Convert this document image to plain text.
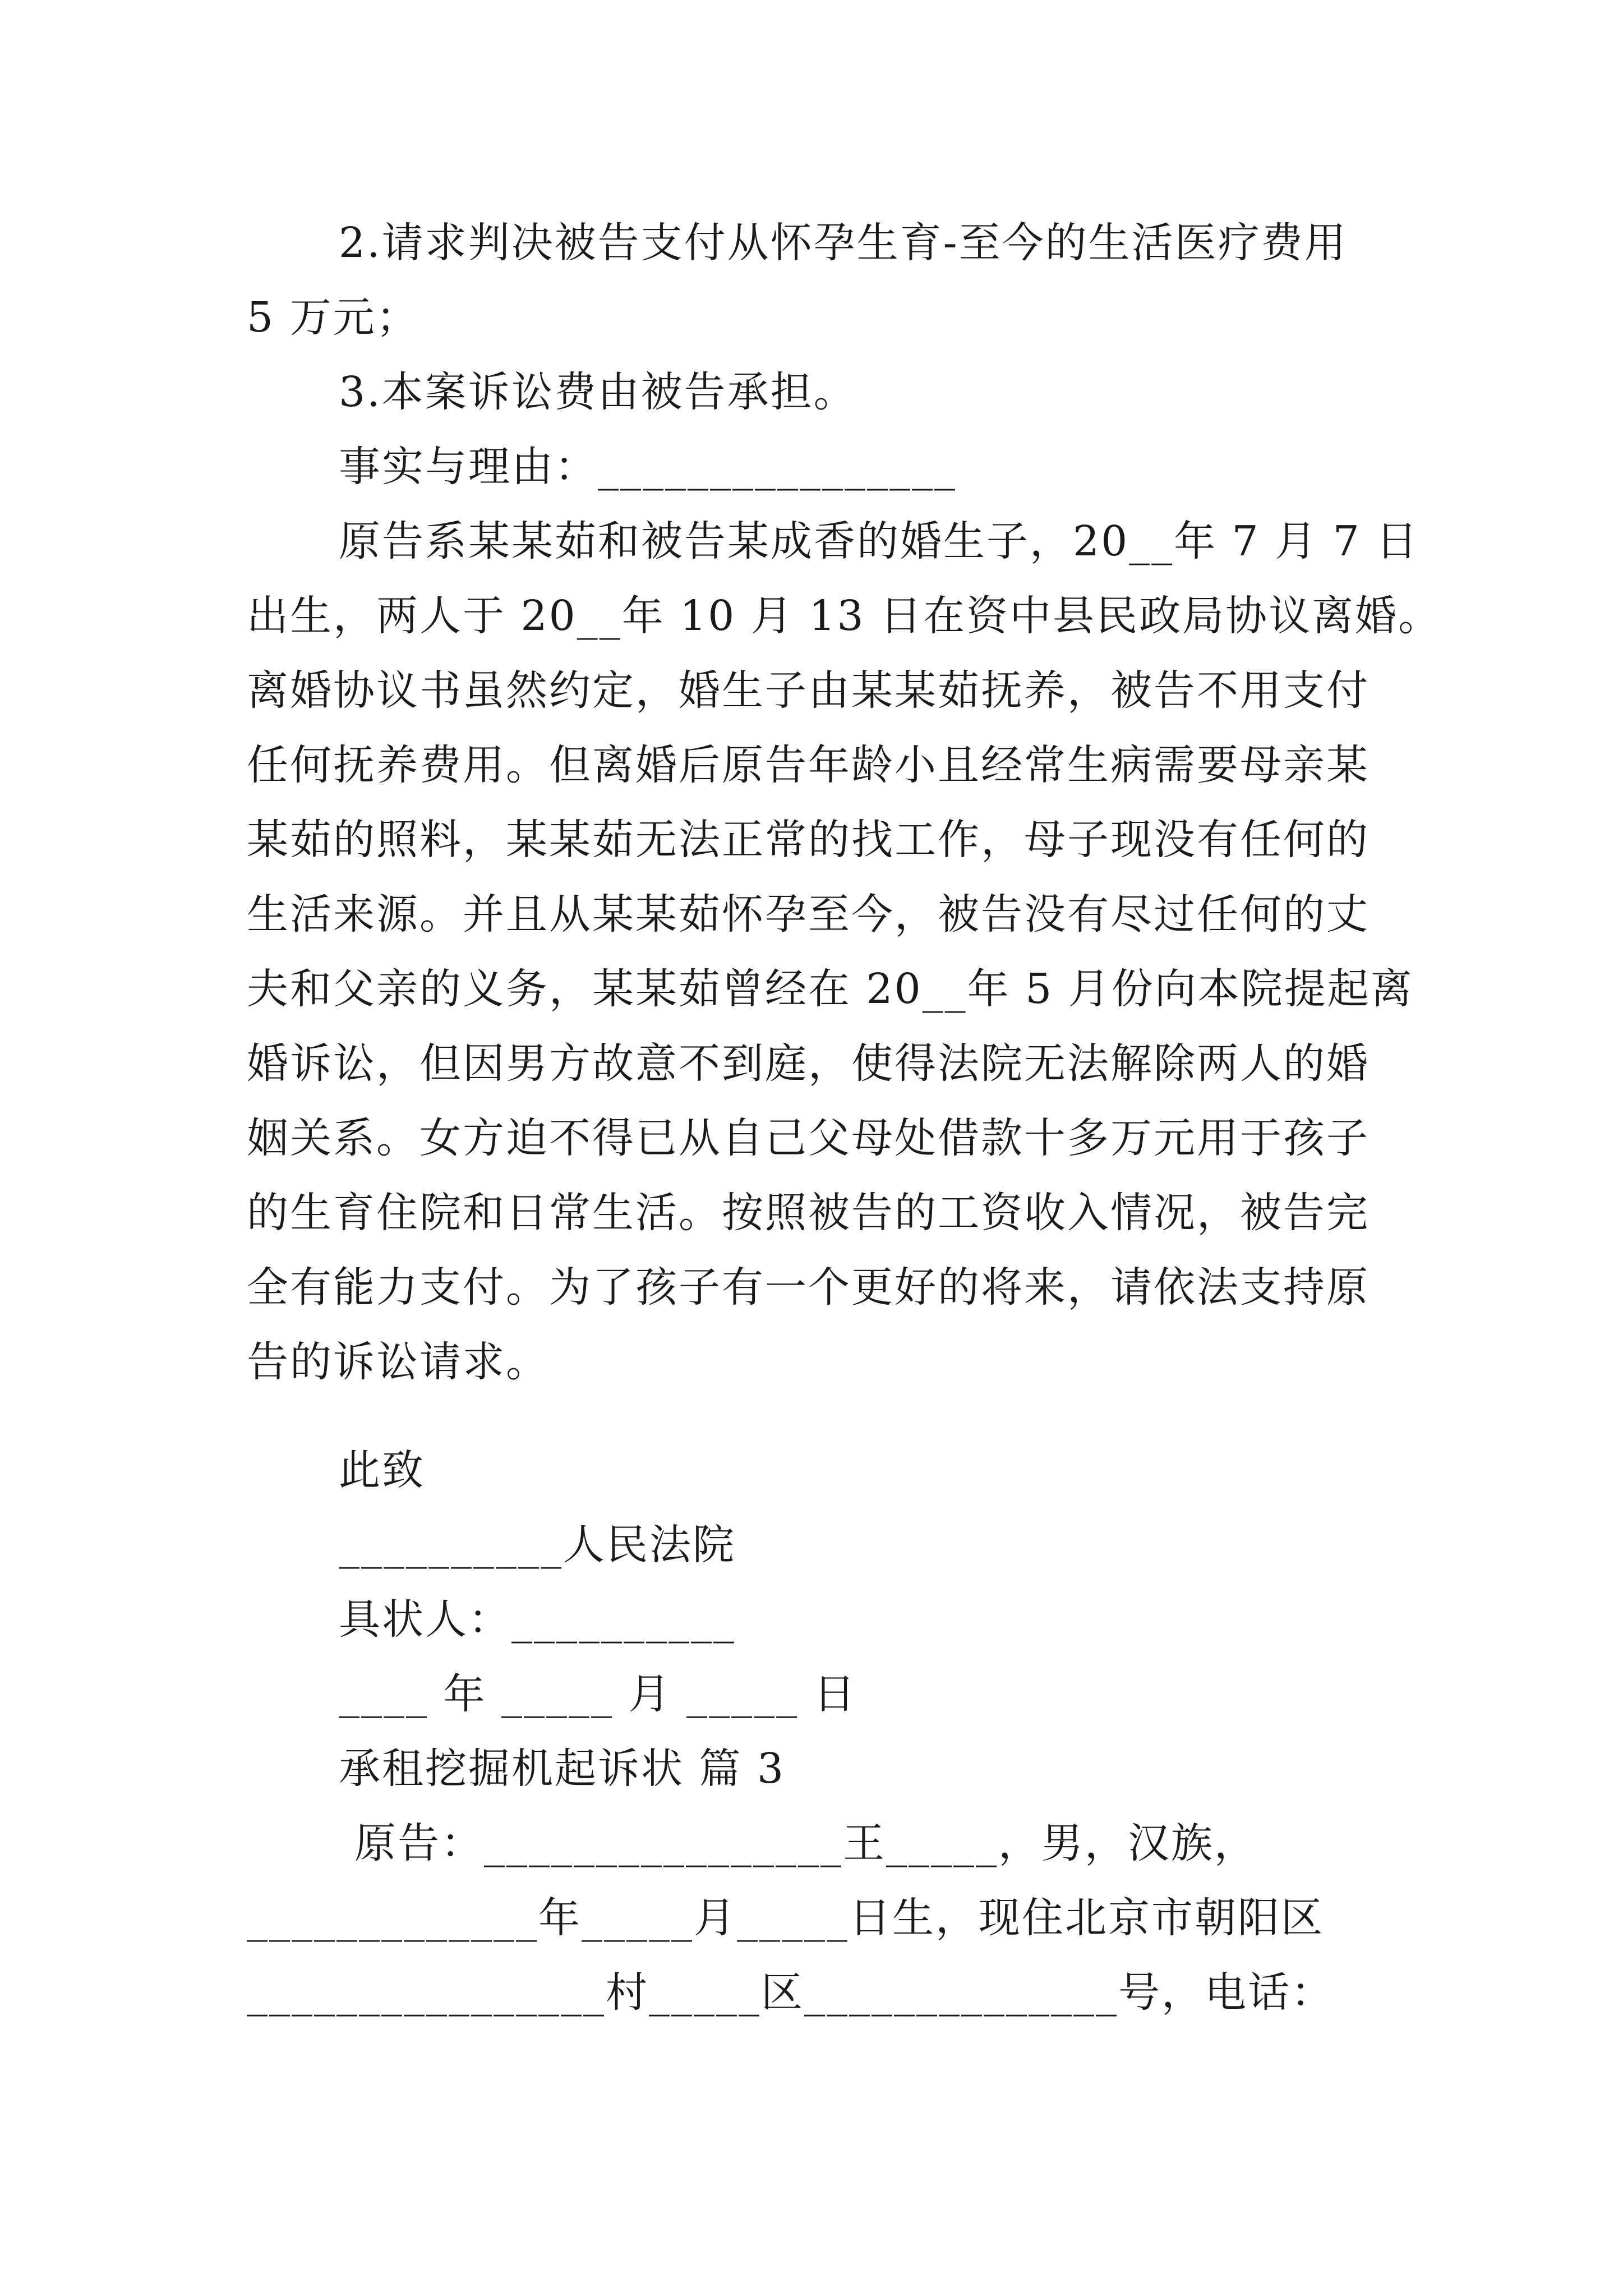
2.请求判决被告支付从怀孕生育-至今的生活医疗费用
5 万元；
3.本案诉讼费由被告承担。
事实与理由：________________
原告系某某茹和被告某成香的婚生子，20__年 7 月 7 日
出生，两人于 20__年 10 月 13 日在资中县民政局协议离婚。
离婚协议书虽然约定，婚生子由某某茹抚养，被告不用支付
任何抚养费用。但离婚后原告年龄小且经常生病需要母亲某
某茹的照料，某某茹无法正常的找工作，母子现没有任何的
生活来源。并且从某某茹怀孕至今，被告没有尽过任何的丈
夫和父亲的义务，某某茹曾经在 20__年 5 月份向本院提起离
婚诉讼，但因男方故意不到庭，使得法院无法解除两人的婚
姻关系。女方迫不得已从自己父母处借款十多万元用于孩子
的生育住院和日常生活。按照被告的工资收入情况，被告完
全有能力支付。为了孩子有一个更好的将来，请依法支持原
告的诉讼请求。
此致
__________人民法院
具状人：__________
____ 年 _____ 月 _____ 日
承租挖掘机起诉状 篇 3
原告：________________王_____，男，汉族，
_____________年_____月_____日生，现住北京市朝阳区
________________村_____区______________号，电话：
